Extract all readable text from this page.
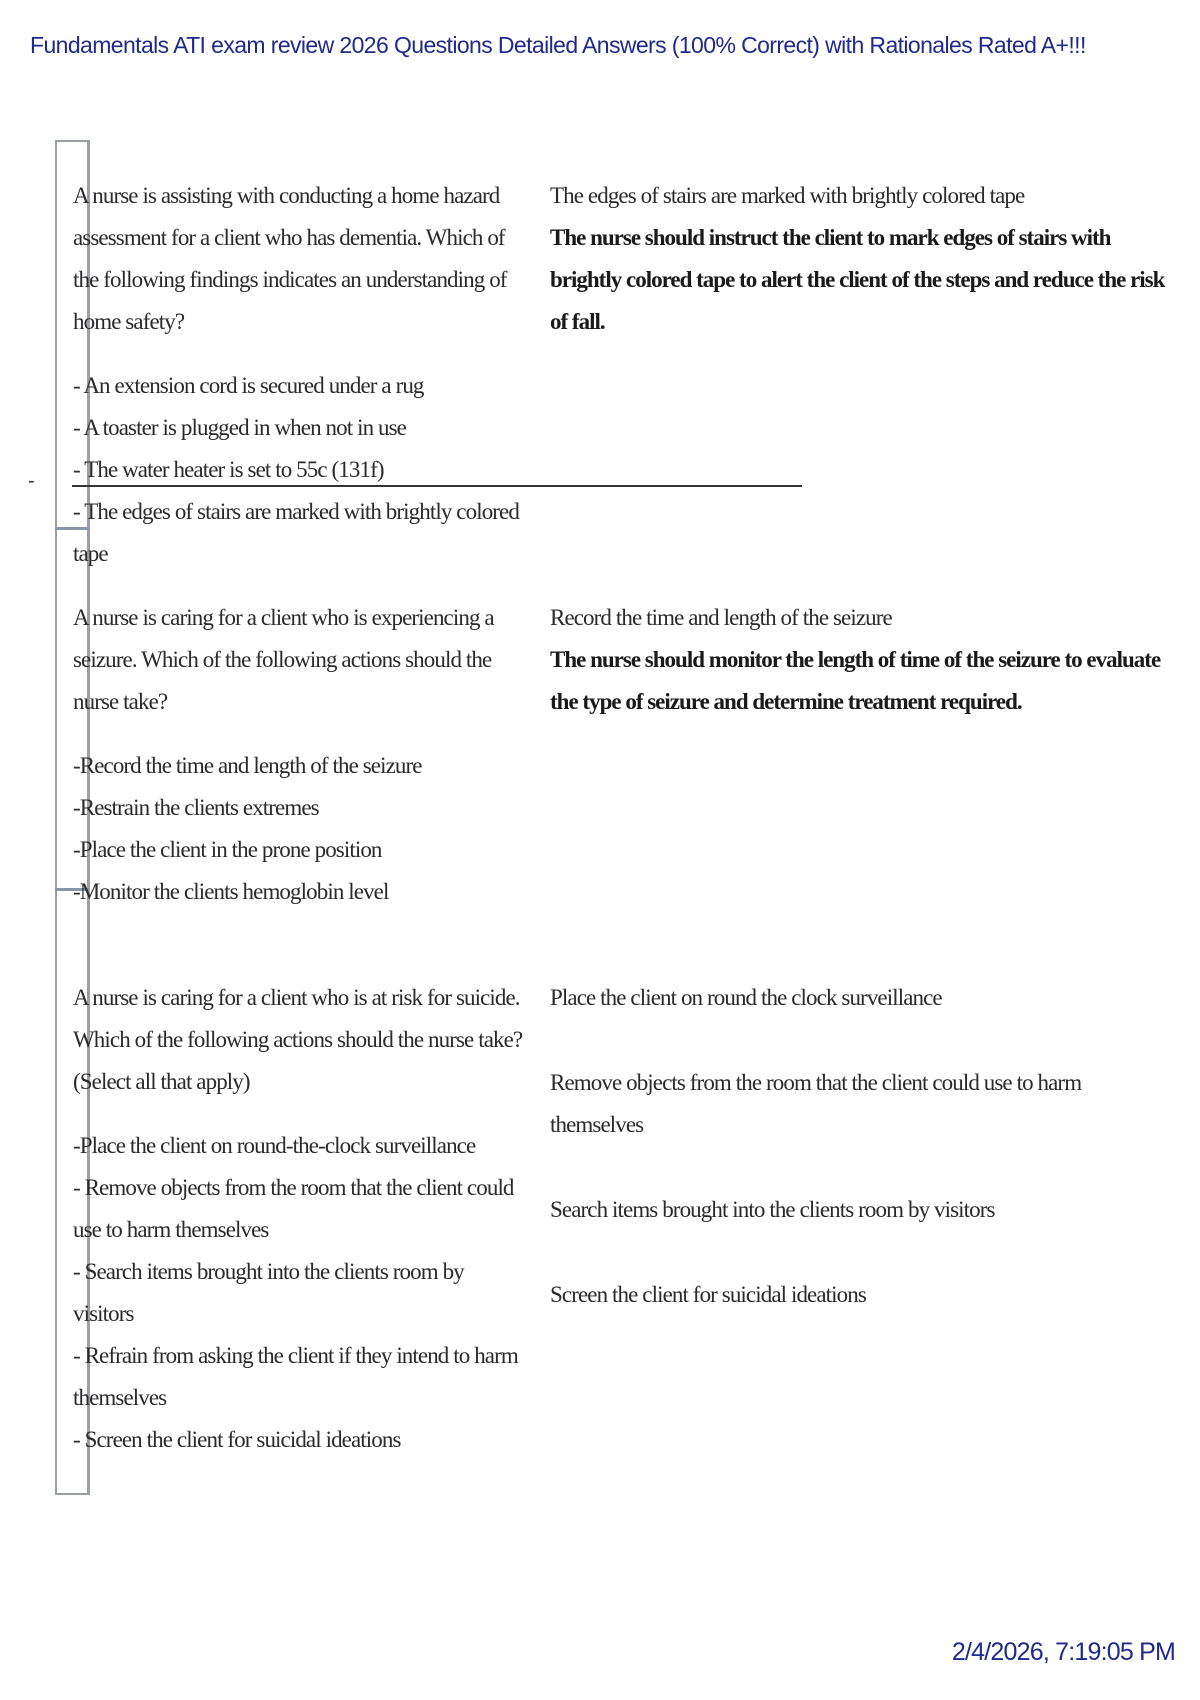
Fundamentals ATI exam review 2026 Questions Detailed Answers (100% Correct) with Rationales Rated A+!!!
-

A nurse is assisting with conducting a home hazard assessment for a client who has dementia. Which of the following findings indicates an understanding of home safety?

- An extension cord is secured under a rug
- A toaster is plugged in when not in use
- The water heater is set to 55c (131f)
- The edges of stairs are marked with brightly colored tape
The edges of stairs are marked with brightly colored tape
The nurse should instruct the client to mark edges of stairs with brightly colored tape to alert the client of the steps and reduce the risk of fall.

A nurse is caring for a client who is experiencing a seizure. Which of the following actions should the nurse take?

-Record the time and length of the seizure
-Restrain the clients extremes
-Place the client in the prone position
-Monitor the clients hemoglobin level
Record the time and length of the seizure
The nurse should monitor the length of time of the seizure to evaluate the type of seizure and determine treatment required.

A nurse is caring for a client who is at risk for suicide. Which of the following actions should the nurse take? (Select all that apply)

-Place the client on round-the-clock surveillance
- Remove objects from the room that the client could use to harm themselves
- Search items brought into the clients room by visitors
- Refrain from asking the client if they intend to harm themselves
- Screen the client for suicidal ideations
Place the client on round the clock surveillance
Remove objects from the room that the client could use to harm themselves
Search items brought into the clients room by visitors
Screen the client for suicidal ideations
2/4/2026, 7:19:05 PM
